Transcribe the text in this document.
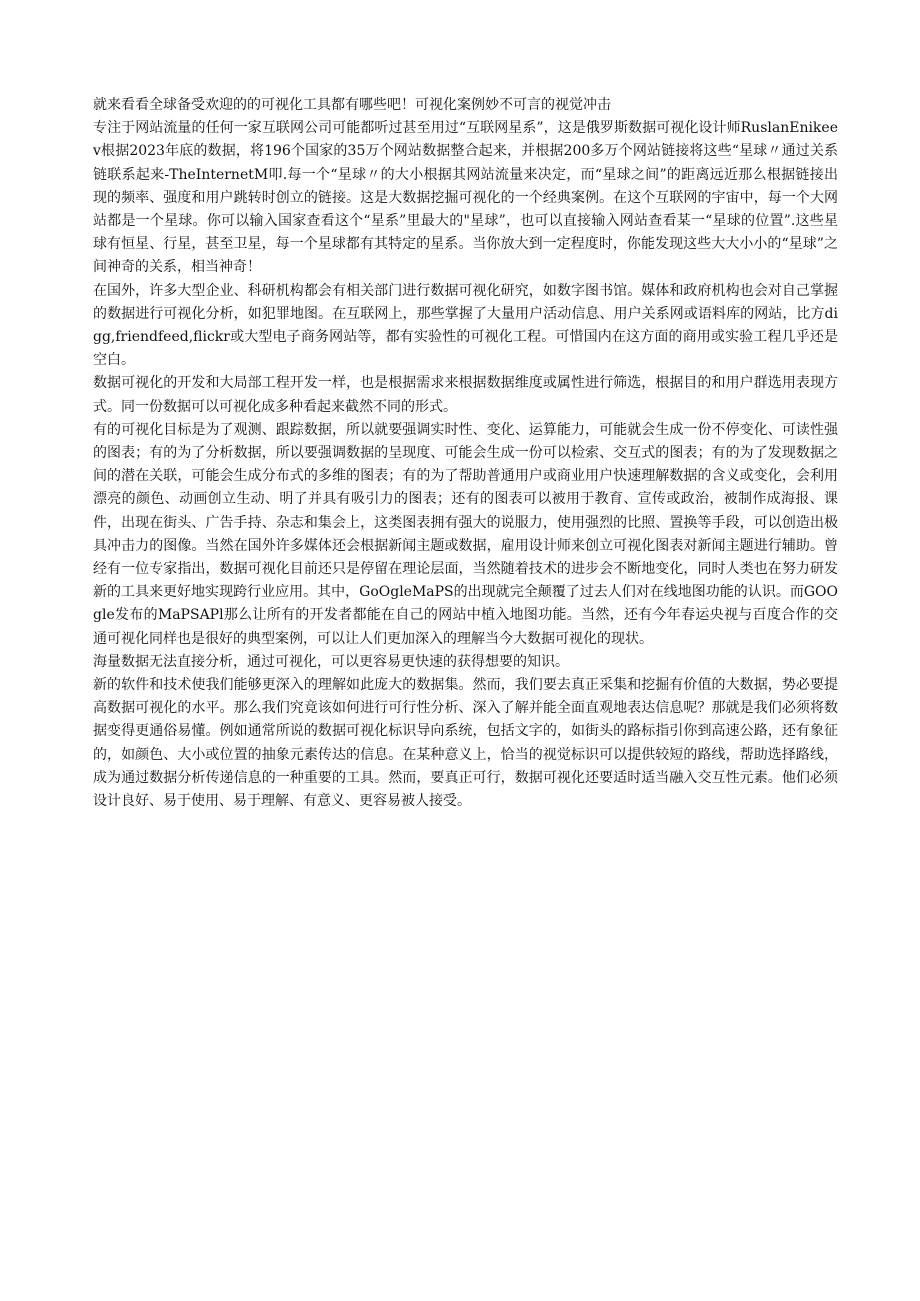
就来看看全球备受欢迎的的可视化工具都有哪些吧！可视化案例妙不可言的视觉冲击

专注于网站流量的任何一家互联网公司可能都听过甚至用过“互联网星系”，这是俄罗斯数据可视化设计师RuslanEnikeev根据2023年底的数据，将196个国家的35万个网站数据整合起来，并根据200多万个网站链接将这些“星球〃通过关系链联系起来-TheInternetM叩.每一个“星球〃的大小根据其网站流量来决定，而“星球之间”的距离远近那么根据链接出现的频率、强度和用户跳转时创立的链接。这是大数据挖掘可视化的一个经典案例。在这个互联网的宇宙中，每一个大网站都是一个星球。你可以输入国家查看这个“星系”里最大的"星球”，也可以直接输入网站查看某一“星球的位置”.这些星球有恒星、行星，甚至卫星，每一个星球都有其特定的星系。当你放大到一定程度时，你能发现这些大大小小的“星球”之间神奇的关系，相当神奇！

在国外，许多大型企业、科研机构都会有相关部门进行数据可视化研究，如数字图书馆。媒体和政府机构也会对自己掌握的数据进行可视化分析，如犯罪地图。在互联网上，那些掌握了大量用户活动信息、用户关系网或语料库的网站，比方digg,friendfeed,flickr或大型电子商务网站等，都有实验性的可视化工程。可惜国内在这方面的商用或实验工程几乎还是空白。

数据可视化的开发和大局部工程开发一样，也是根据需求来根据数据维度或属性进行筛选，根据目的和用户群选用表现方式。同一份数据可以可视化成多种看起来截然不同的形式。

有的可视化目标是为了观测、跟踪数据，所以就要强调实时性、变化、运算能力，可能就会生成一份不停变化、可读性强的图表；有的为了分析数据，所以要强调数据的呈现度、可能会生成一份可以检索、交互式的图表；有的为了发现数据之间的潜在关联，可能会生成分布式的多维的图表；有的为了帮助普通用户或商业用户快速理解数据的含义或变化，会利用漂亮的颜色、动画创立生动、明了并具有吸引力的图表；还有的图表可以被用于教育、宣传或政治，被制作成海报、课件，出现在街头、广告手持、杂志和集会上，这类图表拥有强大的说服力，使用强烈的比照、置换等手段，可以创造出极具冲击力的图像。当然在国外许多媒体还会根据新闻主题或数据，雇用设计师来创立可视化图表对新闻主题进行辅助。曾经有一位专家指出，数据可视化目前还只是停留在理论层面，当然随着技术的进步会不断地变化，同时人类也在努力研发新的工具来更好地实现跨行业应用。其中，GoOgleMaPS的出现就完全颠覆了过去人们对在线地图功能的认识。而GOOgle发布的MaPSAPl那么让所有的开发者都能在自己的网站中植入地图功能。当然，还有今年春运央视与百度合作的交通可视化同样也是很好的典型案例，可以让人们更加深入的理解当今大数据可视化的现状。

海量数据无法直接分析，通过可视化，可以更容易更快速的获得想要的知识。

新的软件和技术使我们能够更深入的理解如此庞大的数据集。然而，我们要去真正采集和挖掘有价值的大数据，势必要提高数据可视化的水平。那么我们究竟该如何进行可行性分析、深入了解并能全面直观地表达信息呢？那就是我们必须将数据变得更通俗易懂。例如通常所说的数据可视化标识导向系统，包括文字的，如街头的路标指引你到高速公路，还有象征的，如颜色、大小或位置的抽象元素传达的信息。在某种意义上，恰当的视觉标识可以提供较短的路线，帮助选择路线，成为通过数据分析传递信息的一种重要的工具。然而，要真正可行，数据可视化还要适时适当融入交互性元素。他们必须设计良好、易于使用、易于理解、有意义、更容易被人接受。
